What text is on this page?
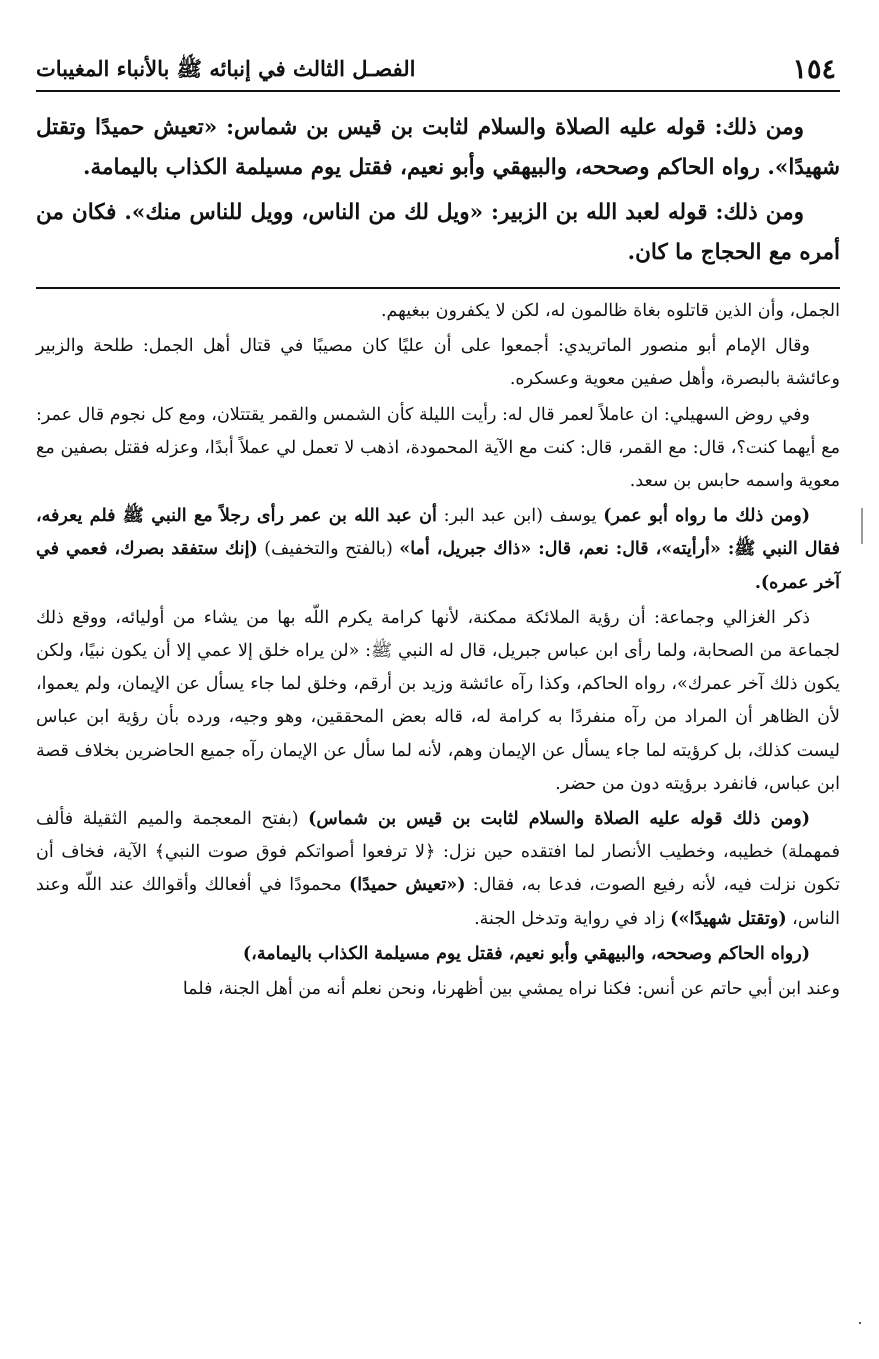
١٥٤
الفصـل الثالث في إنبائه ﷺ بالأنباء المغيبات

ومن ذلك: قوله عليه الصلاة والسلام لثابت بن قيس بن شماس: «تعيش حميدًا وتقتل شهيدًا». رواه الحاكم وصححه، والبيهقي وأبو نعيم، فقتل يوم مسيلمة الكذاب باليمامة.

ومن ذلك: قوله لعبد الله بن الزبير: «ويل لك من الناس، وويل للناس منك». فكان من أمره مع الحجاج ما كان.

الجمل، وأن الذين قاتلوه بغاة ظالمون له، لكن لا يكفرون ببغيهم.

وقال الإمام أبو منصور الماتريدي: أجمعوا على أن عليًا كان مصيبًا في قتال أهل الجمل: طلحة والزبير وعائشة بالبصرة، وأهل صفين معوية وعسكره.

وفي روض السهيلي: ان عاملاً لعمر قال له: رأيت الليلة كأن الشمس والقمر يقتتلان، ومع كل نجوم قال عمر: مع أيهما كنت؟، قال: مع القمر، قال: كنت مع الآية المحمودة، اذهب لا تعمل لي عملاً أبدًا، وعزله فقتل بصفين مع معوية واسمه حابس بن سعد.

(ومن ذلك ما رواه أبو عمر) يوسف (ابن عبد البر: أن عبد الله بن عمر رأى رجلاً مع النبي ﷺ فلم يعرفه، فقال النبي ﷺ: «أرأيته»، قال: نعم، قال: «ذاك جبريل، أما» (بالفتح والتخفيف) (إنك ستفقد بصرك، فعمي في آخر عمره).

ذكر الغزالي وجماعة: أن رؤية الملائكة ممكنة، لأنها كرامة يكرم اللّه بها من يشاء من أوليائه، ووقع ذلك لجماعة من الصحابة، ولما رأى ابن عباس جبريل، قال له النبي ﷺ: «لن يراه خلق إلا عمي إلا أن يكون نبيًا، ولكن يكون ذلك آخر عمرك»، رواه الحاكم، وكذا رآه عائشة وزيد بن أرقم، وخلق لما جاء يسأل عن الإيمان، ولم يعموا، لأن الظاهر أن المراد من رآه منفردًا به كرامة له، قاله بعض المحققين، وهو وجيه، ورده بأن رؤية ابن عباس ليست كذلك، بل كرؤيته لما جاء يسأل عن الإيمان وهم، لأنه لما سأل عن الإيمان رآه جميع الحاضرين بخلاف قصة ابن عباس، فانفرد برؤيته دون من حضر.

(ومن ذلك قوله عليه الصلاة والسلام لثابت بن قيس بن شماس) (بفتح المعجمة والميم الثقيلة فألف فمهملة) خطيبه، وخطيب الأنصار لما افتقده حين نزل: ﴿لا ترفعوا أصواتكم فوق صوت النبي﴾ الآية، فخاف أن تكون نزلت فيه، لأنه رفيع الصوت، فدعا به، فقال: («تعيش حميدًا) محمودًا في أفعالك وأقوالك عند اللّه وعند الناس، (وتقتل شهيدًا») زاد في رواية وتدخل الجنة.

(رواه الحاكم وصححه، والبيهقي وأبو نعيم، فقتل يوم مسيلمة الكذاب باليمامة،)

وعند ابن أبي حاتم عن أنس: فكنا نراه يمشي بين أظهرنا، ونحن نعلم أنه من أهل الجنة، فلما
